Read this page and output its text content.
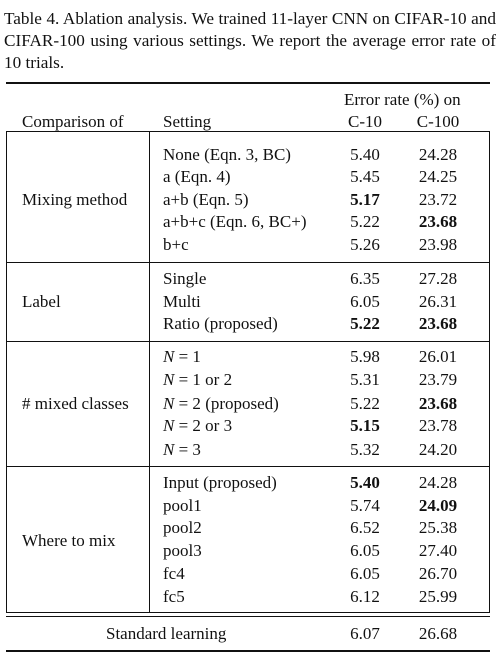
Table 4. Ablation analysis. We trained 11-layer CNN on CIFAR-10 and CIFAR-100 using various settings. We report the average error rate of 10 trials.
Error rate (%) on
Comparison of Setting	C-10	C-100
Mixing method
None (Eqn. 3, BC)	5.40	24.28
a (Eqn. 4)	5.45	24.25
a+b (Eqn. 5)	5.17	23.72
a+b+c (Eqn. 6, BC+)	5.22	23.68
b+c	5.26	23.98
Label
Single	6.35	27.28
Multi	6.05	26.31
Ratio (proposed)	5.22	23.68
# mixed classes
N = 1	5.98	26.01
N = 1 or 2	5.31	23.79
N = 2 (proposed)	5.22	23.68
N = 2 or 3	5.15	23.78
N = 3	5.32	24.20
Where to mix
Input (proposed)	5.40	24.28
pool1	5.74	24.09
pool2	6.52	25.38
pool3	6.05	27.40
fc4	6.05	26.70
fc5	6.12	25.99
Standard learning	6.07	26.68
